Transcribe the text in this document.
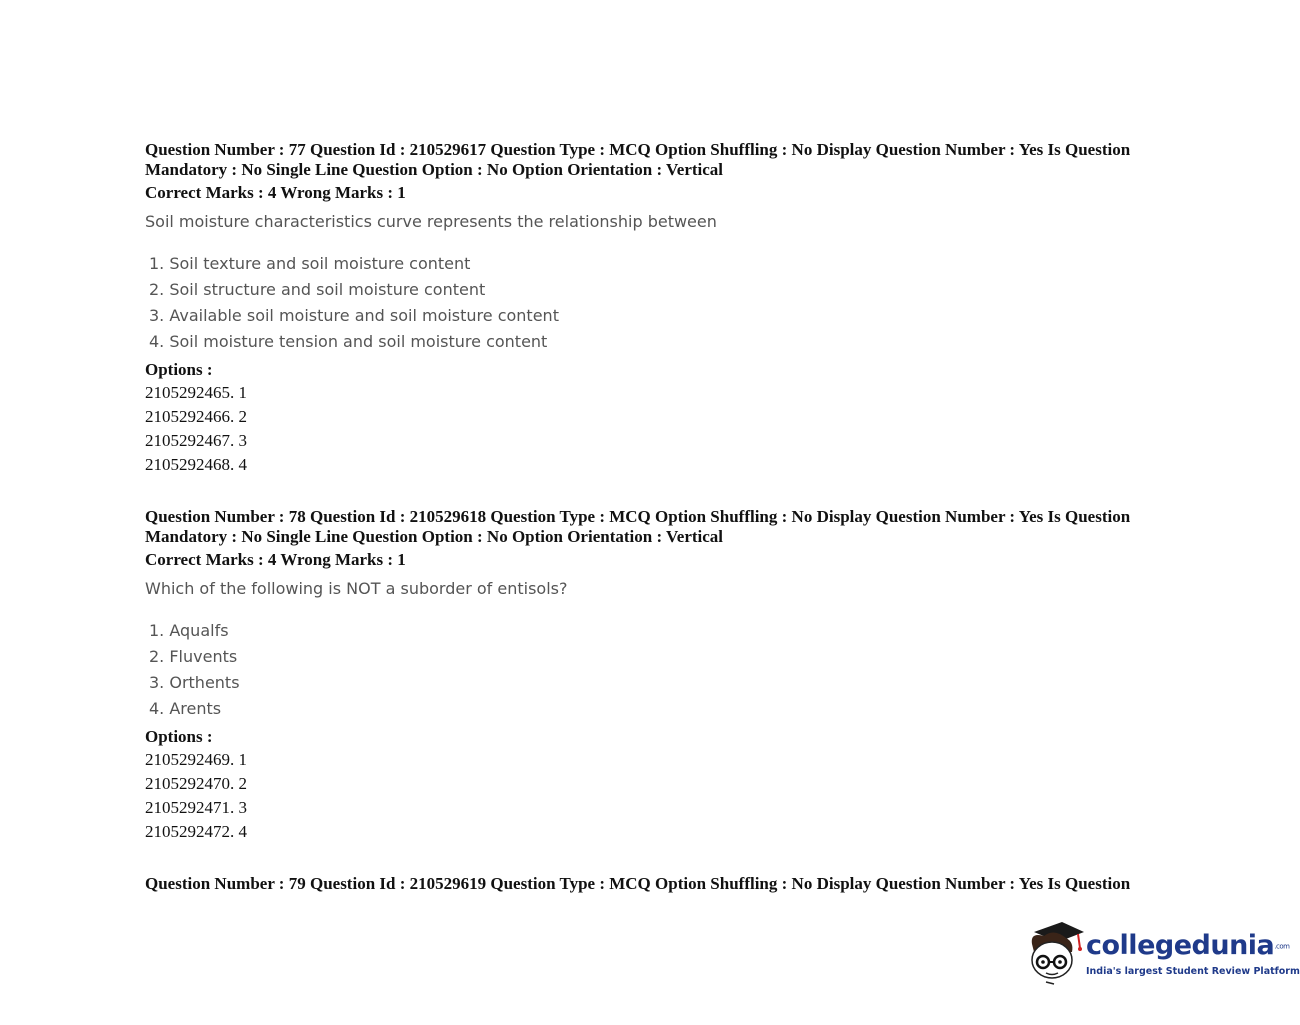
Question Number : 77 Question Id : 210529617 Question Type : MCQ Option Shuffling : No Display Question Number : Yes Is Question Mandatory : No Single Line Question Option : No Option Orientation : Vertical
Correct Marks : 4 Wrong Marks : 1
Soil moisture characteristics curve represents the relationship between
1. Soil texture and soil moisture content
2. Soil structure and soil moisture content
3. Available soil moisture and soil moisture content
4. Soil moisture tension and soil moisture content
Options :
2105292465. 1
2105292466. 2
2105292467. 3
2105292468. 4
Question Number : 78 Question Id : 210529618 Question Type : MCQ Option Shuffling : No Display Question Number : Yes Is Question Mandatory : No Single Line Question Option : No Option Orientation : Vertical
Correct Marks : 4 Wrong Marks : 1
Which of the following is NOT a suborder of entisols?
1. Aqualfs
2. Fluvents
3. Orthents
4. Arents
Options :
2105292469. 1
2105292470. 2
2105292471. 3
2105292472. 4
Question Number : 79 Question Id : 210529619 Question Type : MCQ Option Shuffling : No Display Question Number : Yes Is Question
collegedunia.com
India's largest Student Review Platform
